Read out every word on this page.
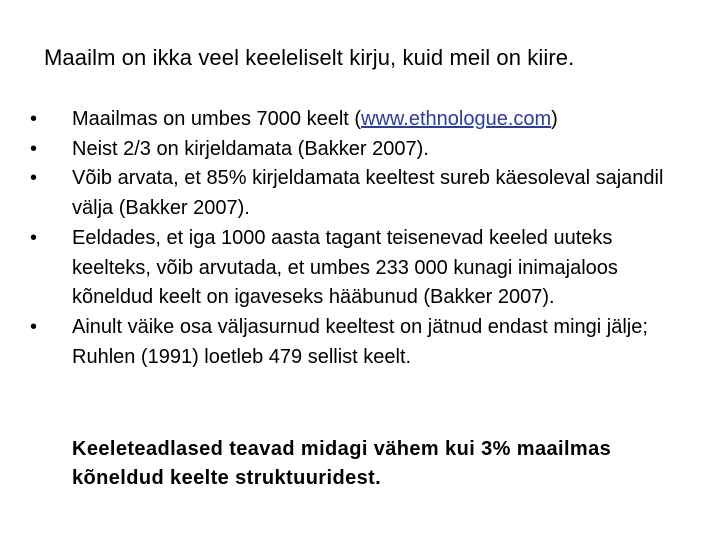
Maailm on ikka veel keeleliselt kirju, kuid meil on kiire.
•	Maailmas on umbes 7000 keelt (www.ethnologue.com)
•	Neist 2/3 on kirjeldamata (Bakker 2007).
•	Võib arvata, et 85% kirjeldamata keeltest sureb käesoleval sajandil välja (Bakker 2007).
•	Eeldades, et iga 1000 aasta tagant teisenevad keeled uuteks keelteks, võib arvutada, et umbes 233 000 kunagi inimajaloos kõneldud keelt on igaveseks hääbunud (Bakker 2007).
•	Ainult väike osa väljasurnud keeltest on jätnud endast mingi jälje; Ruhlen (1991) loetleb 479 sellist keelt.
Keeleteadlased teavad midagi vähem kui 3% maailmas kõneldud keelte struktuuridest.
